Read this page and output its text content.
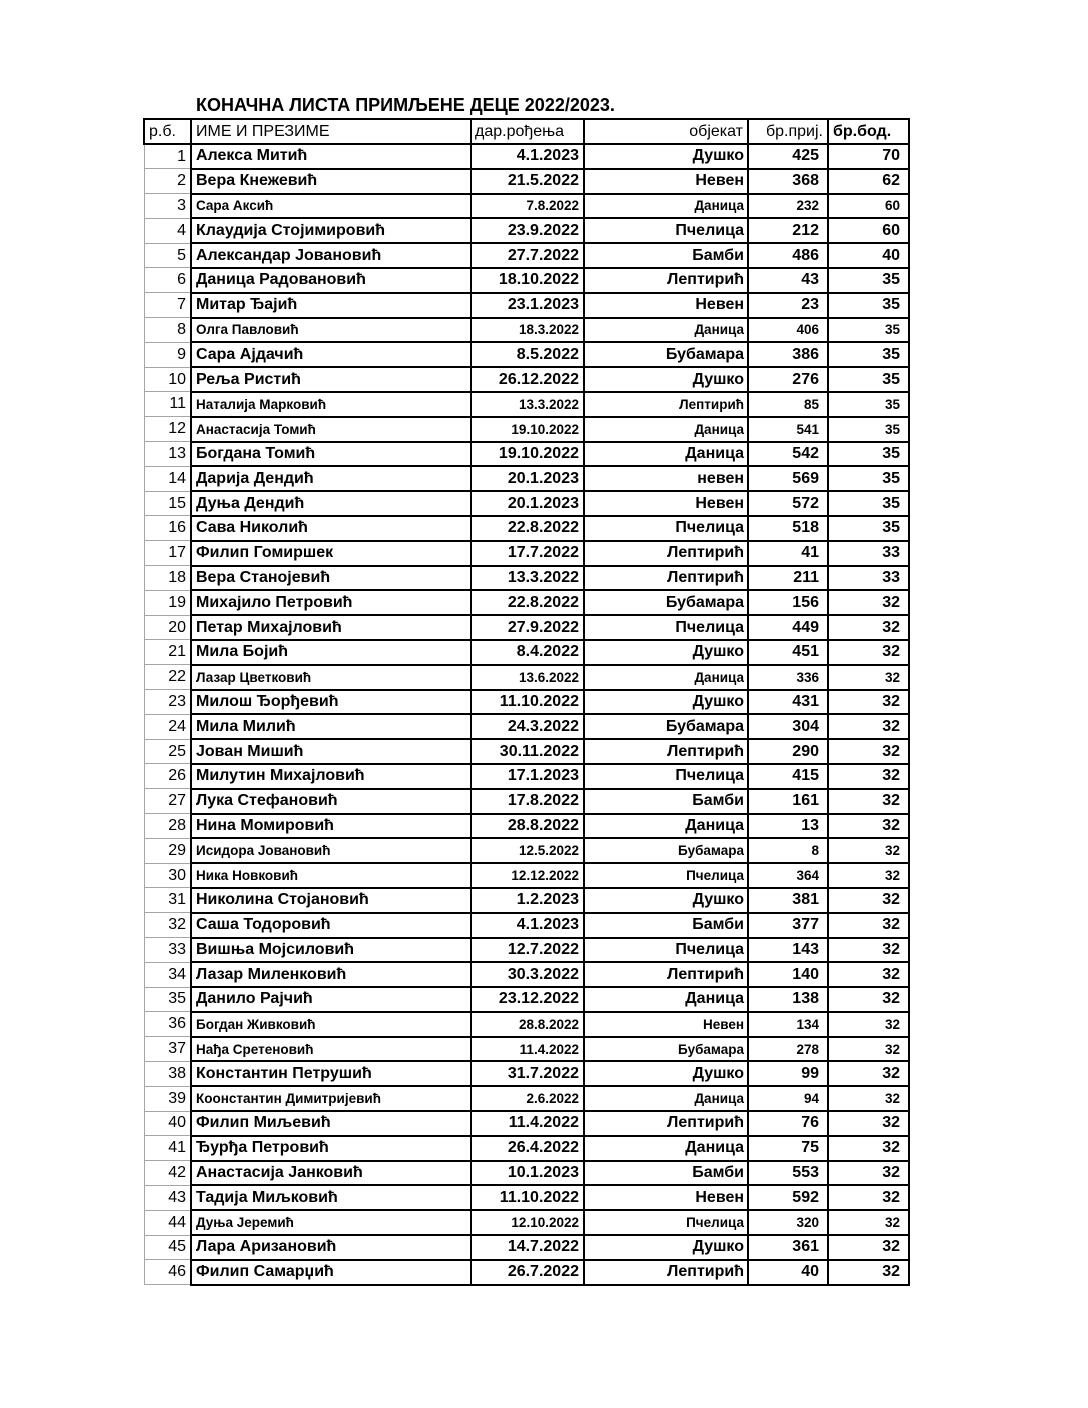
КОНАЧНА ЛИСТА ПРИМЉЕНЕ ДЕЦЕ 2022/2023.
р.б.	ИМЕ И ПРЕЗИМЕ	дар.рођења	објекат	бр.приј.	бр.бод.
1	Алекса Митић	4.1.2023	Душко	425	70
2	Вера Кнежевић	21.5.2022	Невен	368	62
3	Сара Аксић	7.8.2022	Даница	232	60
4	Клаудија Стојимировић	23.9.2022	Пчелица	212	60
5	Александар Јовановић	27.7.2022	Бамби	486	40
6	Даница Радовановић	18.10.2022	Лептирић	43	35
7	Митар Ђајић	23.1.2023	Невен	23	35
8	Олга Павловић	18.3.2022	Даница	406	35
9	Сара Ајдачић	8.5.2022	Бубамара	386	35
10	Реља Ристић	26.12.2022	Душко	276	35
11	Наталија Марковић	13.3.2022	Лептирић	85	35
12	Анастасија Томић	19.10.2022	Даница	541	35
13	Богдана Томић	19.10.2022	Даница	542	35
14	Дарија Дендић	20.1.2023	невен	569	35
15	Дуња Дендић	20.1.2023	Невен	572	35
16	Сава Николић	22.8.2022	Пчелица	518	35
17	Филип Гомиршек	17.7.2022	Лептирић	41	33
18	Вера Станојевић	13.3.2022	Лептирић	211	33
19	Михајило Петровић	22.8.2022	Бубамара	156	32
20	Петар Михајловић	27.9.2022	Пчелица	449	32
21	Мила Бојић	8.4.2022	Душко	451	32
22	Лазар Цветковић	13.6.2022	Даница	336	32
23	Милош Ђорђевић	11.10.2022	Душко	431	32
24	Мила Милић	24.3.2022	Бубамара	304	32
25	Јован Мишић	30.11.2022	Лептирић	290	32
26	Милутин Михајловић	17.1.2023	Пчелица	415	32
27	Лука Стефановић	17.8.2022	Бамби	161	32
28	Нина Момировић	28.8.2022	Даница	13	32
29	Исидора Јовановић	12.5.2022	Бубамара	8	32
30	Ника Новковић	12.12.2022	Пчелица	364	32
31	Николина Стојановић	1.2.2023	Душко	381	32
32	Саша Тодоровић	4.1.2023	Бамби	377	32
33	Вишња Мојсиловић	12.7.2022	Пчелица	143	32
34	Лазар Миленковић	30.3.2022	Лептирић	140	32
35	Данило Рајчић	23.12.2022	Даница	138	32
36	Богдан Живковић	28.8.2022	Невен	134	32
37	Нађа Сретеновић	11.4.2022	Бубамара	278	32
38	Константин Петрушић	31.7.2022	Душко	99	32
39	Коонстантин Димитријевић	2.6.2022	Даница	94	32
40	Филип Миљевић	11.4.2022	Лептирић	76	32
41	Ђурђа Петровић	26.4.2022	Даница	75	32
42	Анастасија Јанковић	10.1.2023	Бамби	553	32
43	Тадија Миљковић	11.10.2022	Невен	592	32
44	Дуња Јеремић	12.10.2022	Пчелица	320	32
45	Лара Аризановић	14.7.2022	Душко	361	32
46	Филип Самарџић	26.7.2022	Лептирић	40	32
